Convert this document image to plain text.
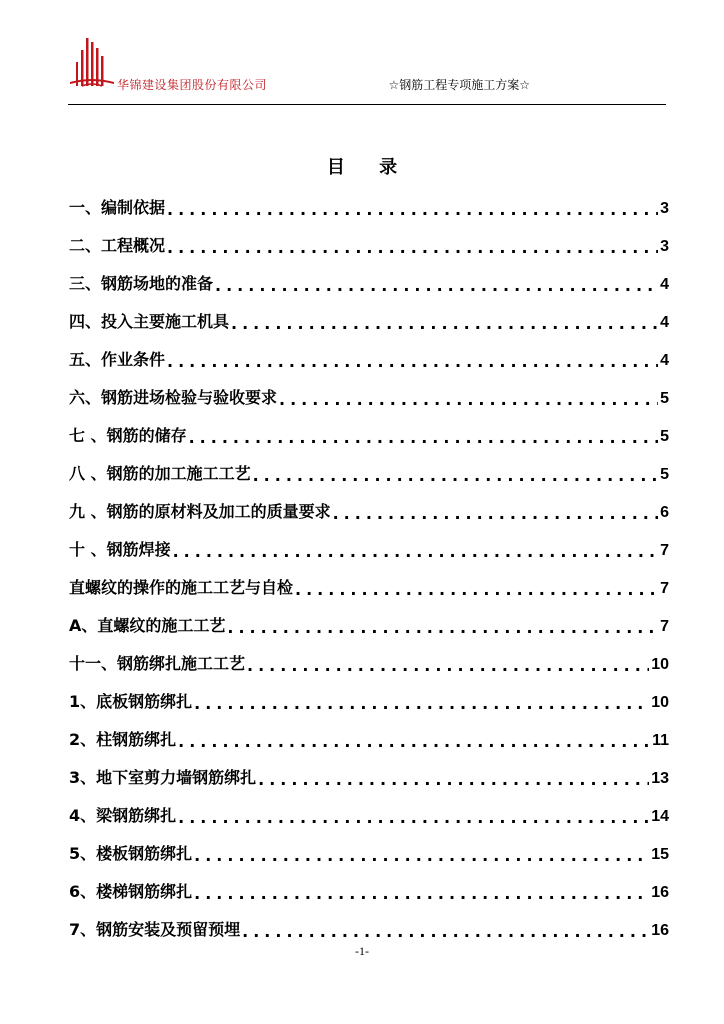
华锦建设集团股份有限公司	☆钢筋工程专项施工方案☆
目 录
一、编制依据 .....	3
二、工程概况 .....	3
三、钢筋场地的准备 .....	4
四、投入主要施工机具 .....	4
五、作业条件 .....	4
六、钢筋进场检验与验收要求 .....	5
七 、钢筋的储存 .....	5
八 、钢筋的加工施工工艺 .....	5
九 、钢筋的原材料及加工的质量要求 .....	6
十 、钢筋焊接 .....	7
直螺纹的操作的施工工艺与自检 .....	7
A、直螺纹的施工工艺 .....	7
十一、钢筋绑扎施工工艺 .....	10
1、底板钢筋绑扎 .....	10
2、柱钢筋绑扎 .....	11
3、地下室剪力墙钢筋绑扎 .....	13
4、梁钢筋绑扎 .....	14
5、楼板钢筋绑扎 .....	15
6、楼梯钢筋绑扎 .....	16
7、钢筋安装及预留预埋 .....	16
-1-
